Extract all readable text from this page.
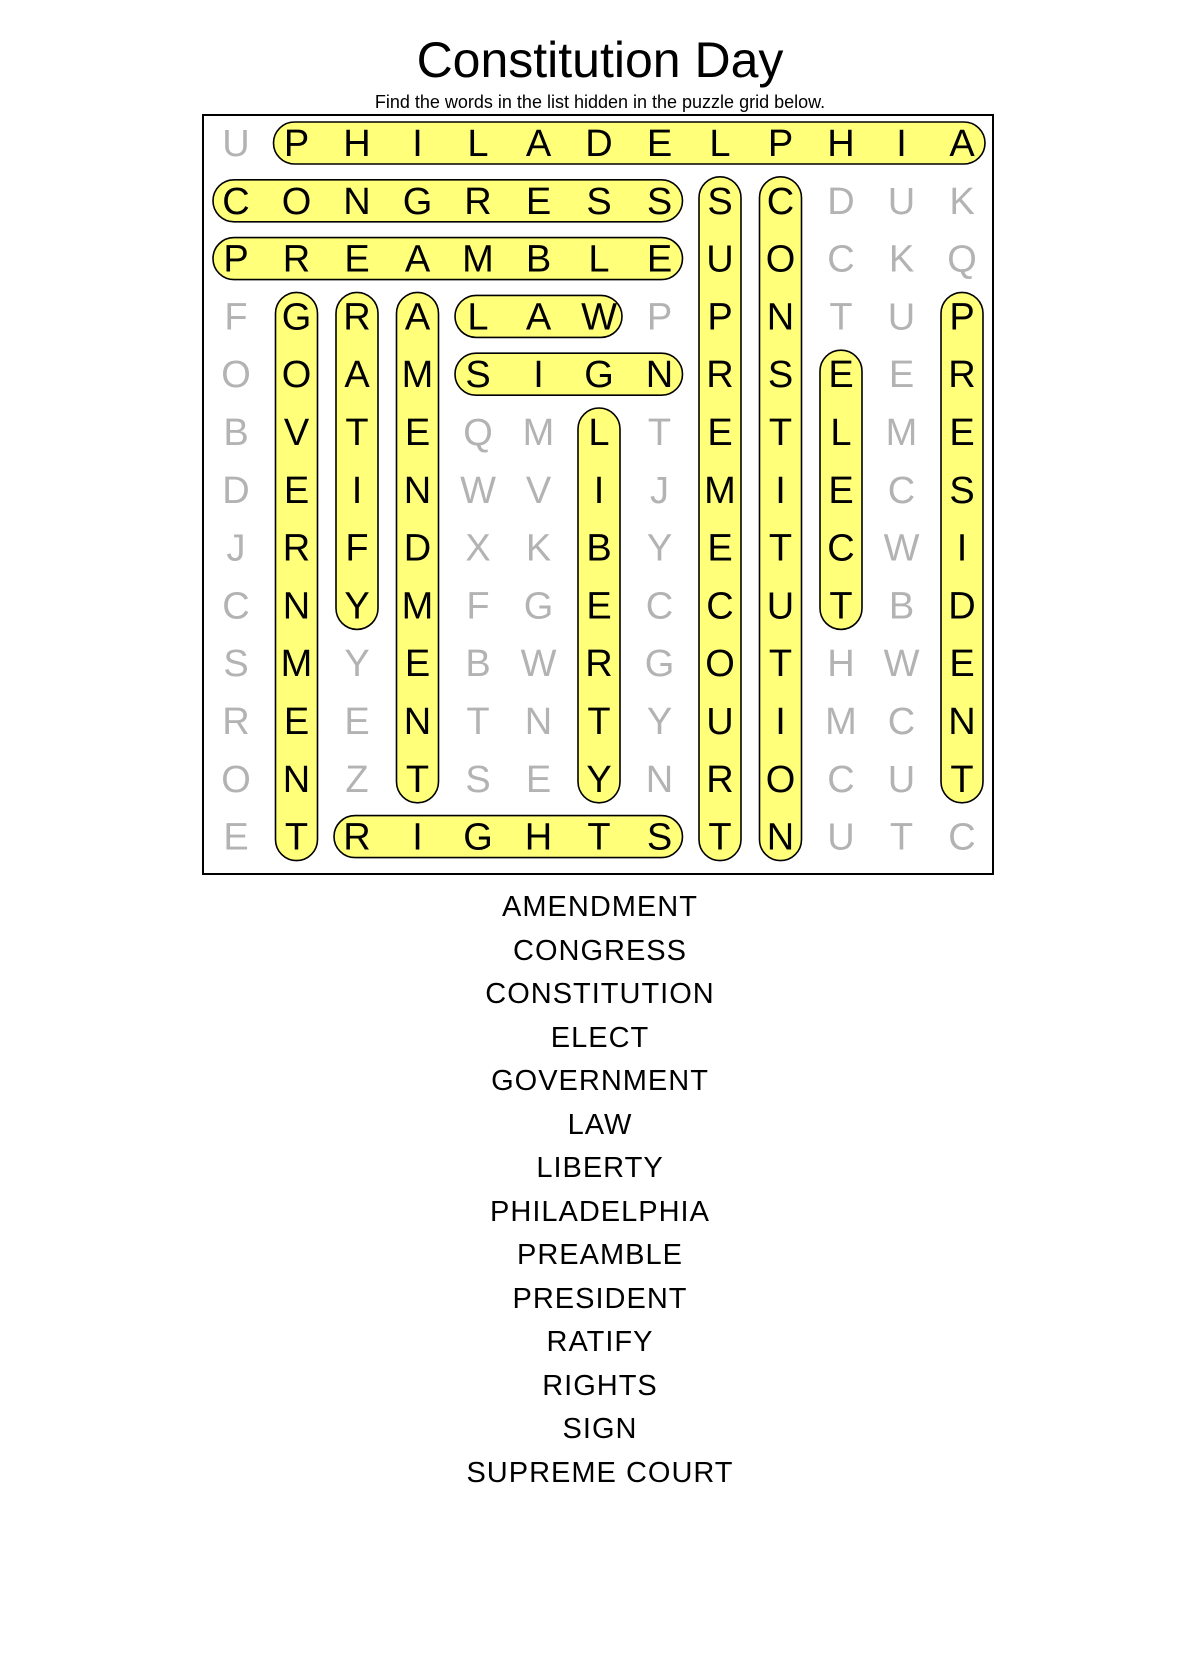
Constitution Day
Find the words in the list hidden in the puzzle grid below.
U P H I L A D E L P H I A
C O N G R E S S S C D U K
P R E A M B L E U O C K Q
F G R A L A W P P N T U P
O O A M S I G N R S E E R
B V T E Q M L T E T L M E
D E I N W V I J M I E C S
J R F D X K B Y E T C W I
C N Y M F G E C C U T B D
S M Y E B W R G O T H W E
R E E N T N T Y U I M C N
O N Z T S E Y N R O C U T
E T R I G H T S T N U T C
AMENDMENT
CONGRESS
CONSTITUTION
ELECT
GOVERNMENT
LAW
LIBERTY
PHILADELPHIA
PREAMBLE
PRESIDENT
RATIFY
RIGHTS
SIGN
SUPREME COURT
